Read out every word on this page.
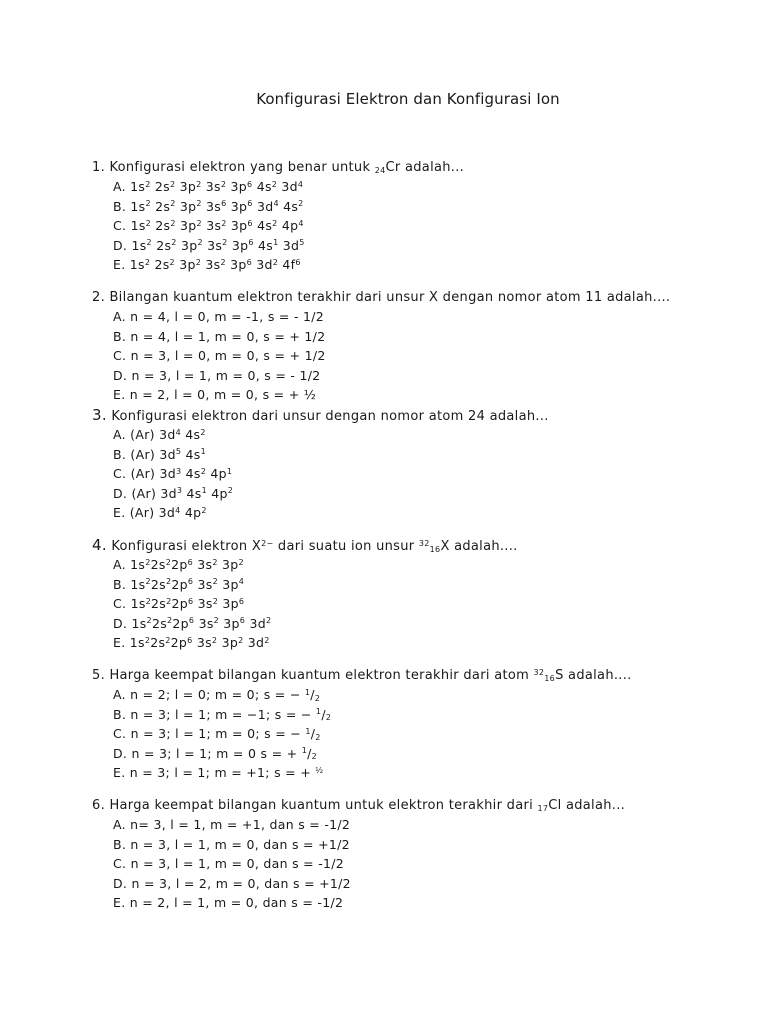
Konfigurasi Elektron dan Konfigurasi Ion
1. Konfigurasi elektron yang benar untuk $_{24}$Cr adalah...
A. $1s^2$ $2s^2$ $3p^2$ $3s^2$ $3p^6$ $4s^2$ $3d^4$
B. $1s^2$ $2s^2$ $3p^2$ $3s^6$ $3p^6$ $3d^4$ $4s^2$
C. $1s^2$ $2s^2$ $3p^2$ $3s^2$ $3p^6$ $4s^2$ $4p^4$
D. $1s^2$ $2s^2$ $3p^2$ $3s^2$ $3p^6$ $4s^1$ $3d^5$
E. $1s^2$ $2s^2$ $3p^2$ $3s^2$ $3p^6$ $3d^2$ $4f^6$
2. Bilangan kuantum elektron terakhir dari unsur X dengan nomor atom 11 adalah....
A. n = 4, l = 0, m = -1, s = - 1/2
B. n = 4, l = 1, m = 0, s = + 1/2
C. n = 3, l = 0, m = 0, s = + 1/2
D. n = 3, l = 1, m = 0, s = - 1/2
E. n = 2, l = 0, m = 0, s = + ½
3. Konfigurasi elektron dari unsur dengan nomor atom 24 adalah...
A. (Ar) $3d^4$ $4s^2$
B. (Ar) $3d^5$ $4s^1$
C. (Ar) $3d^3$ $4s^2$ $4p^1$
D. (Ar) $3d^3$ $4s^1$ $4p^2$
E. (Ar) $3d^4$ $4p^2$
4. Konfigurasi elektron $X^{2-}$ dari suatu ion unsur $^{32}_{16}$X adalah....
A. $1s^22s^22p^6$ $3s^2$ $3p^2$
B. $1s^22s^22p^6$ $3s^2$ $3p^4$
C. $1s^22s^22p^6$ $3s^2$ $3p^6$
D. $1s^22s^22p^6$ $3s^2$ $3p^6$ $3d^2$
E. $1s^22s^22p^6$ $3s^2$ $3p^2$ $3d^2$
5. Harga keempat bilangan kuantum elektron terakhir dari atom $^{32}_{16}$S adalah....
A. n = 2; l = 0; m = 0; s = − $^1/_2$
B. n = 3; l = 1; m = −1; s = − $^1/_2$
C. n = 3; l = 1; m = 0; s = − $^1/_2$
D. n = 3; l = 1; m = 0 s = + $^1/_2$
E. n = 3; l = 1; m = +1; s = + $^{\frac{1}{2}}$
6. Harga keempat bilangan kuantum untuk elektron terakhir dari $_{17}$Cl adalah...
A. n= 3, l = 1, m = +1, dan s = -1/2
B. n = 3, l = 1, m = 0, dan s = +1/2
C. n = 3, l = 1, m = 0, dan s = -1/2
D. n = 3, l = 2, m = 0, dan s = +1/2
E. n = 2, l = 1, m = 0, dan s = -1/2
